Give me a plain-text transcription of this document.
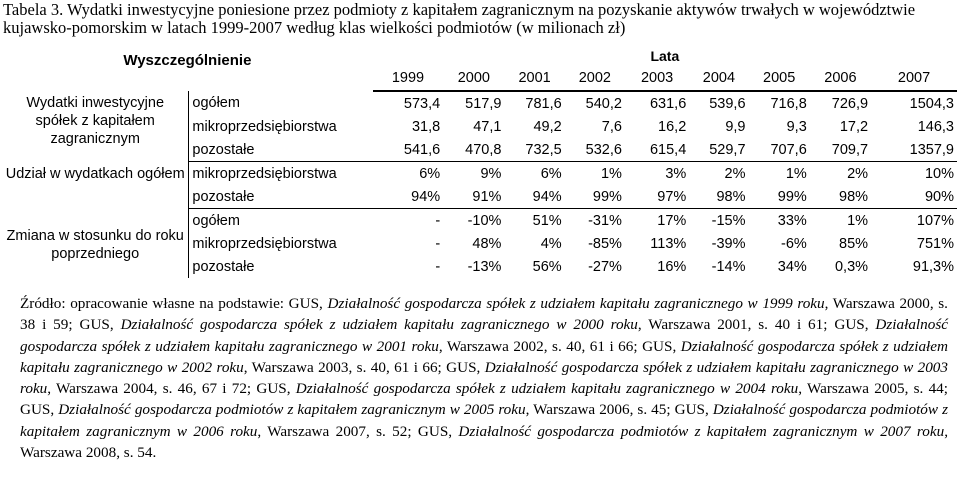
Tabela 3. Wydatki inwestycyjne poniesione przez podmioty z kapitałem zagranicznym na pozyskanie aktywów trwałych w województwie kujawsko-pomorskim w latach 1999-2007 według klas wielkości podmiotów (w milionach zł)
Wyszczególnienie		Lata								
		1999	2000	2001	2002	2003	2004	2005	2006	2007
Wydatki inwestycyjne spółek z kapitałem zagranicznym	ogółem	573,4	517,9	781,6	540,2	631,6	539,6	716,8	726,9	1504,3
	mikroprzedsiębiorstwa	31,8	47,1	49,2	7,6	16,2	9,9	9,3	17,2	146,3
	pozostałe	541,6	470,8	732,5	532,6	615,4	529,7	707,6	709,7	1357,9
Udział w wydatkach ogółem	mikroprzedsiębiorstwa	6%	9%	6%	1%	3%	2%	1%	2%	10%
	pozostałe	94%	91%	94%	99%	97%	98%	99%	98%	90%
Zmiana w stosunku do roku poprzedniego	ogółem	-	-10%	51%	-31%	17%	-15%	33%	1%	107%
	mikroprzedsiębiorstwa	-	48%	4%	-85%	113%	-39%	-6%	85%	751%
	pozostałe	-	-13%	56%	-27%	16%	-14%	34%	0,3%	91,3%
Źródło: opracowanie własne na podstawie: GUS, Działalność gospodarcza spółek z udziałem kapitału zagranicznego w 1999 roku, Warszawa 2000, s. 38 i 59; GUS, Działalność gospodarcza spółek z udziałem kapitału zagranicznego w 2000 roku, Warszawa 2001, s. 40 i 61; GUS, Działalność gospodarcza spółek z udziałem kapitału zagranicznego w 2001 roku, Warszawa 2002, s. 40, 61 i 66; GUS, Działalność gospodarcza spółek z udziałem kapitału zagranicznego w 2002 roku, Warszawa 2003, s. 40, 61 i 66; GUS, Działalność gospodarcza spółek z udziałem kapitału zagranicznego w 2003 roku, Warszawa 2004, s. 46, 67 i 72; GUS, Działalność gospodarcza spółek z udziałem kapitału zagranicznego w 2004 roku, Warszawa 2005, s. 44; GUS, Działalność gospodarcza podmiotów z kapitałem zagranicznym w 2005 roku, Warszawa 2006, s. 45; GUS, Działalność gospodarcza podmiotów z kapitałem zagranicznym w 2006 roku, Warszawa 2007, s. 52; GUS, Działalność gospodarcza podmiotów z kapitałem zagranicznym w 2007 roku, Warszawa 2008, s. 54.
